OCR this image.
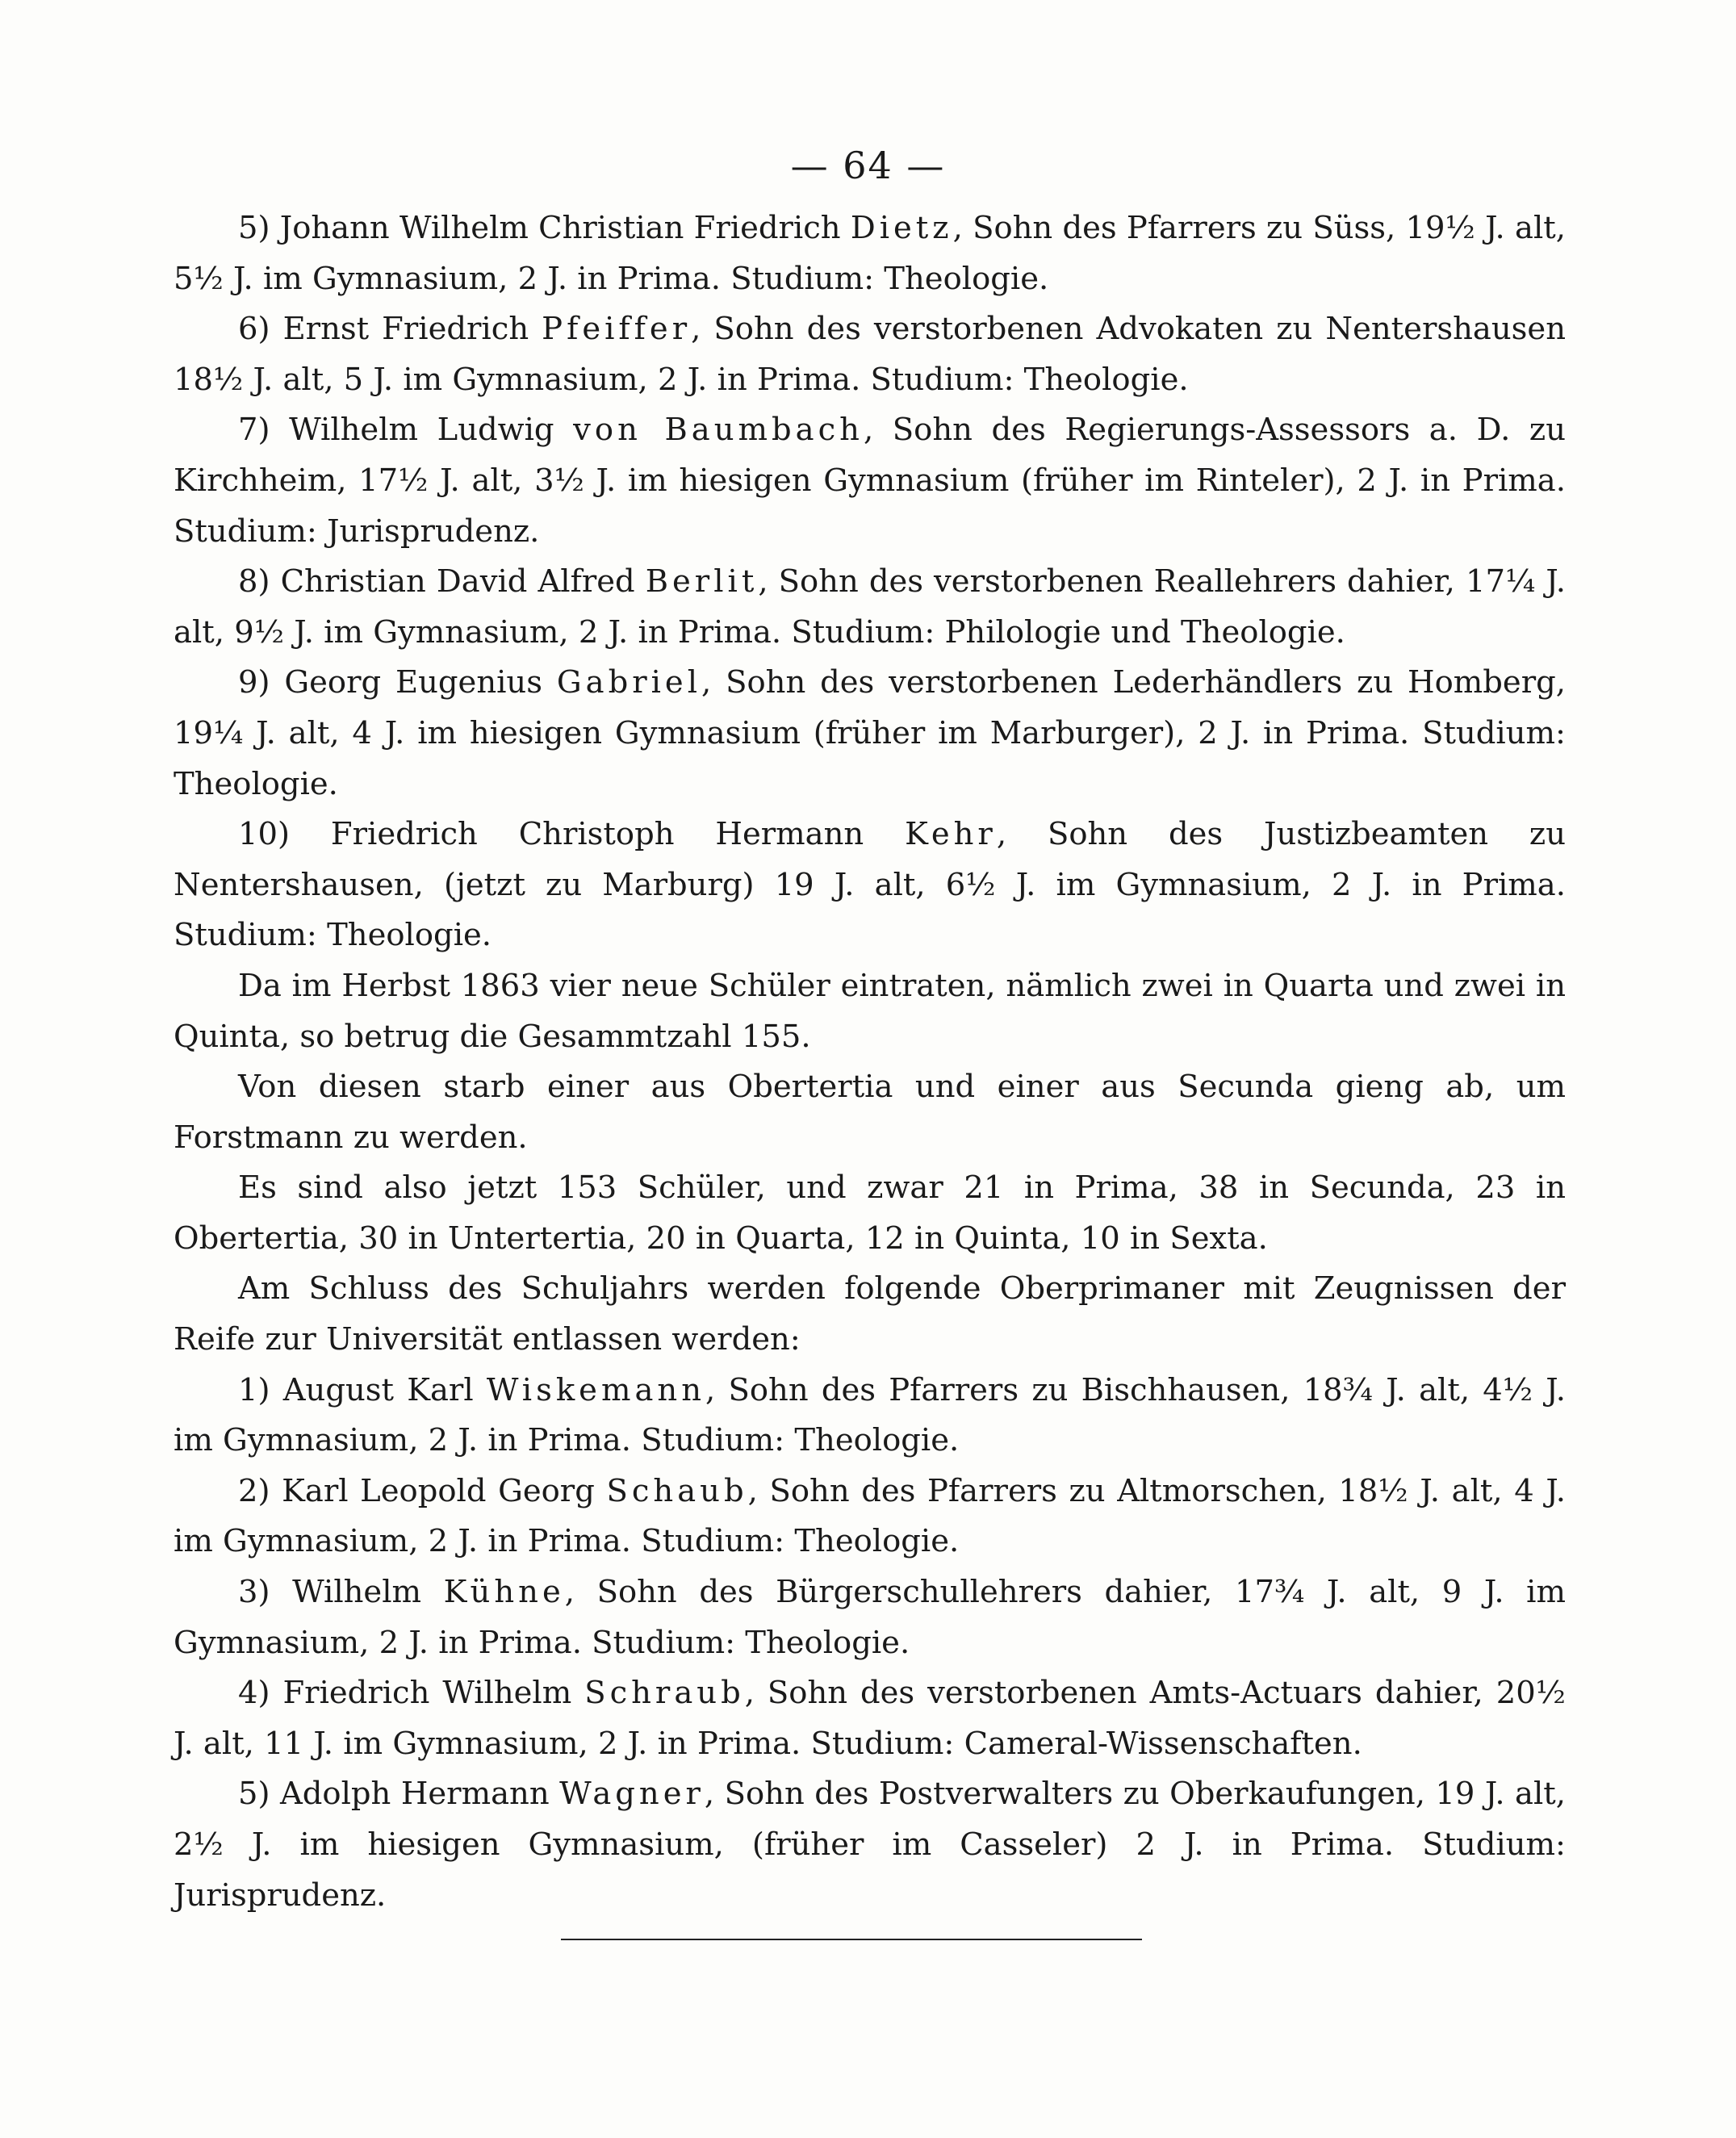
— 64 —

5) Johann Wilhelm Christian Friedrich Dietz, Sohn des Pfarrers zu Süss, 19½ J. alt, 5½ J. im Gymnasium, 2 J. in Prima. Studium: Theologie.

6) Ernst Friedrich Pfeiffer, Sohn des verstorbenen Advokaten zu Nentershausen 18½ J. alt, 5 J. im Gymnasium, 2 J. in Prima. Studium: Theologie.

7) Wilhelm Ludwig von Baumbach, Sohn des Regierungs-Assessors a. D. zu Kirchheim, 17½ J. alt, 3½ J. im hiesigen Gymnasium (früher im Rinteler), 2 J. in Prima. Studium: Jurisprudenz.

8) Christian David Alfred Berlit, Sohn des verstorbenen Reallehrers dahier, 17¼ J. alt, 9½ J. im Gymnasium, 2 J. in Prima. Studium: Philologie und Theologie.

9) Georg Eugenius Gabriel, Sohn des verstorbenen Lederhändlers zu Homberg, 19¼ J. alt, 4 J. im hiesigen Gymnasium (früher im Marburger), 2 J. in Prima. Studium: Theologie.

10) Friedrich Christoph Hermann Kehr, Sohn des Justizbeamten zu Nentershausen, (jetzt zu Marburg) 19 J. alt, 6½ J. im Gymnasium, 2 J. in Prima. Studium: Theologie.

Da im Herbst 1863 vier neue Schüler eintraten, nämlich zwei in Quarta und zwei in Quinta, so betrug die Gesammtzahl 155.

Von diesen starb einer aus Obertertia und einer aus Secunda gieng ab, um Forstmann zu werden.

Es sind also jetzt 153 Schüler, und zwar 21 in Prima, 38 in Secunda, 23 in Obertertia, 30 in Untertertia, 20 in Quarta, 12 in Quinta, 10 in Sexta.

Am Schluss des Schuljahrs werden folgende Oberprimaner mit Zeugnissen der Reife zur Universität entlassen werden:

1) August Karl Wiskemann, Sohn des Pfarrers zu Bischhausen, 18¾ J. alt, 4½ J. im Gymnasium, 2 J. in Prima. Studium: Theologie.

2) Karl Leopold Georg Schaub, Sohn des Pfarrers zu Altmorschen, 18½ J. alt, 4 J. im Gymnasium, 2 J. in Prima. Studium: Theologie.

3) Wilhelm Kühne, Sohn des Bürgerschullehrers dahier, 17¾ J. alt, 9 J. im Gymnasium, 2 J. in Prima. Studium: Theologie.

4) Friedrich Wilhelm Schraub, Sohn des verstorbenen Amts-Actuars dahier, 20½ J. alt, 11 J. im Gymnasium, 2 J. in Prima. Studium: Cameral-Wissenschaften.

5) Adolph Hermann Wagner, Sohn des Postverwalters zu Oberkaufungen, 19 J. alt, 2½ J. im hiesigen Gymnasium, (früher im Casseler) 2 J. in Prima. Studium: Jurisprudenz.
